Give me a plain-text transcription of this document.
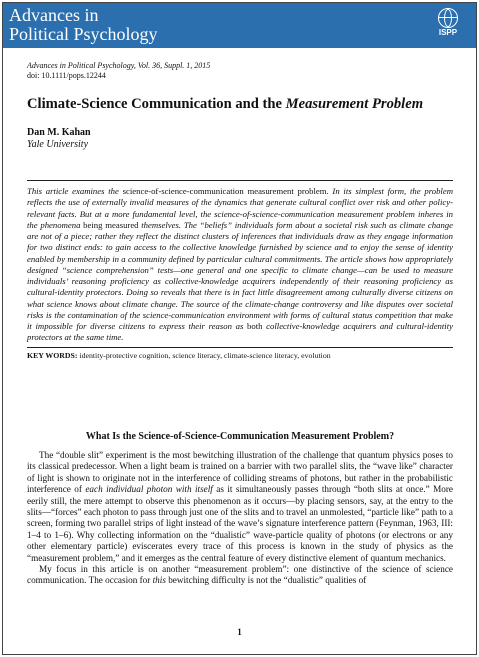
Advances in
Political Psychology	ISPP
Advances in Political Psychology, Vol. 36, Suppl. 1, 2015
doi: 10.1111/pops.12244
Climate-Science Communication and the Measurement Problem
Dan M. Kahan
Yale University
This article examines the science-of-science-communication measurement problem. In its simplest form, the problem reflects the use of externally invalid measures of the dynamics that generate cultural conflict over risk and other policy-relevant facts. But at a more fundamental level, the science-of-science-communication measurement problem inheres in the phenomena being measured themselves. The “beliefs” individuals form about a societal risk such as climate change are not of a piece; rather they reflect the distinct clusters of inferences that individuals draw as they engage information for two distinct ends: to gain access to the collective knowledge furnished by science and to enjoy the sense of identity enabled by membership in a community defined by particular cultural commitments. The article shows how appropriately designed “science comprehension” tests—one general and one specific to climate change—can be used to measure individuals’ reasoning proficiency as collective-knowledge acquirers independently of their reasoning proficiency as cultural-identity protectors. Doing so reveals that there is in fact little disagreement among culturally diverse citizens on what science knows about climate change. The source of the climate-change controversy and like disputes over societal risks is the contamination of the science-communication environment with forms of cultural status competition that make it impossible for diverse citizens to express their reason as both collective-knowledge acquirers and cultural-identity protectors at the same time.
KEY WORDS: identity-protective cognition, science literacy, climate-science literacy, evolution
What Is the Science-of-Science-Communication Measurement Problem?

The “double slit” experiment is the most bewitching illustration of the challenge that quantum physics poses to its classical predecessor. When a light beam is trained on a barrier with two parallel slits, the “wave like” character of light is shown to originate not in the interference of colliding streams of photons, but rather in the probabilistic interference of each individual photon with itself as it simultaneously passes through “both slits at once.” More eerily still, the mere attempt to observe this phenomenon as it occurs—by placing sensors, say, at the entry to the slits—“forces” each photon to pass through just one of the slits and to travel an unmolested, “particle like” path to a screen, forming two parallel strips of light instead of the wave’s signature interference pattern (Feynman, 1963, III: 1–4 to 1–6). Why collecting information on the “dualistic” wave-particle quality of photons (or electrons or any other elementary particle) eviscerates every trace of this process is known in the study of physics as the “measurement problem,” and it emerges as the central feature of every distinctive element of quantum mechanics.

My focus in this article is on another “measurement problem”: one distinctive of the science of science communication. The occasion for this bewitching difficulty is not the “dualistic” qualities of

1
